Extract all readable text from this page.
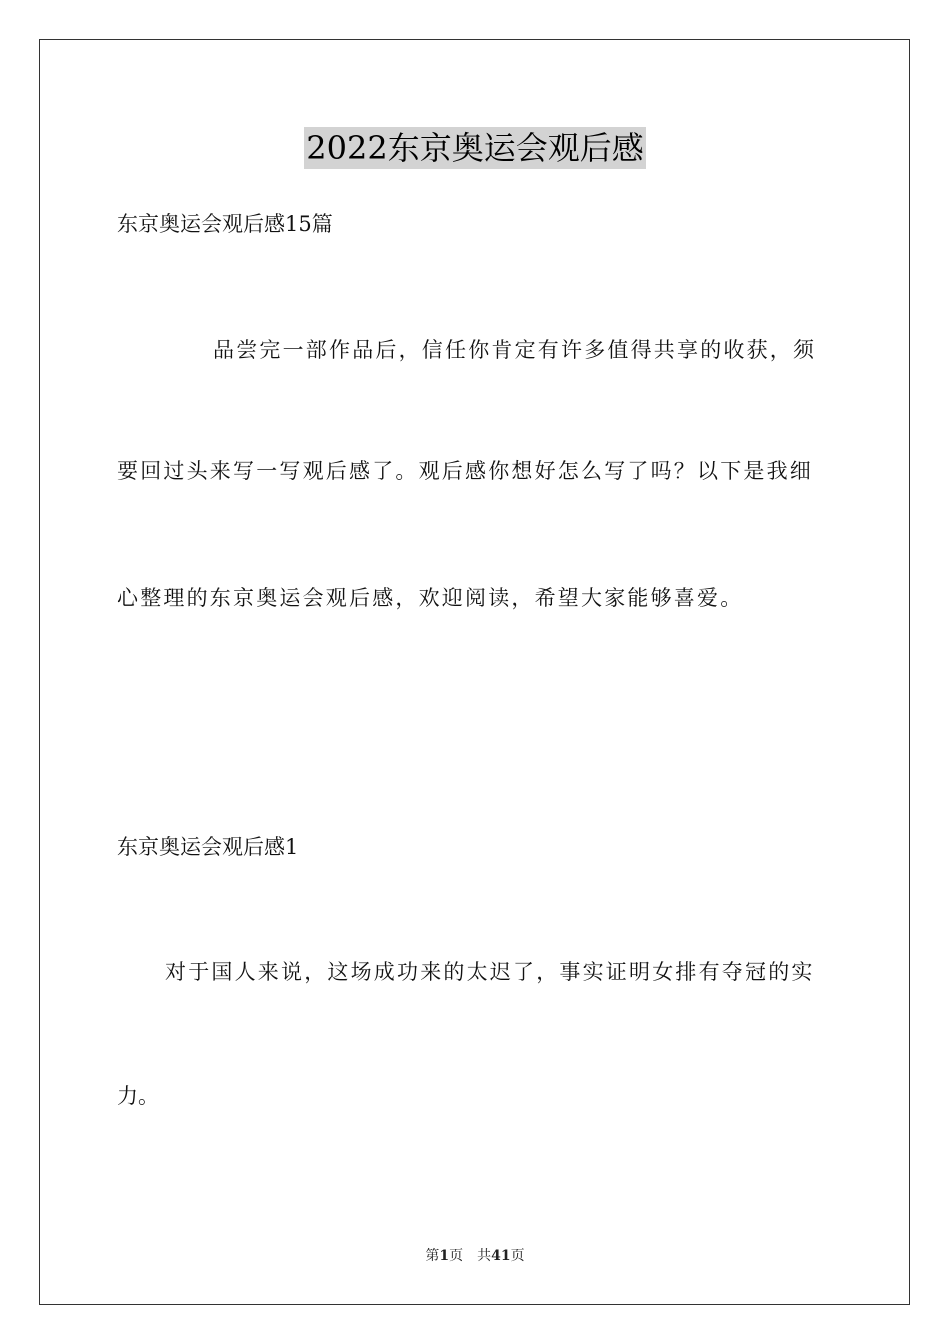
2022东京奥运会观后感
东京奥运会观后感15篇
品尝完一部作品后，信任你肯定有许多值得共享的收获，须
要回过头来写一写观后感了。观后感你想好怎么写了吗？以下是我细
心整理的东京奥运会观后感，欢迎阅读，希望大家能够喜爱。
东京奥运会观后感1
对于国人来说，这场成功来的太迟了，事实证明女排有夺冠的实
力。
第1页 共41页
